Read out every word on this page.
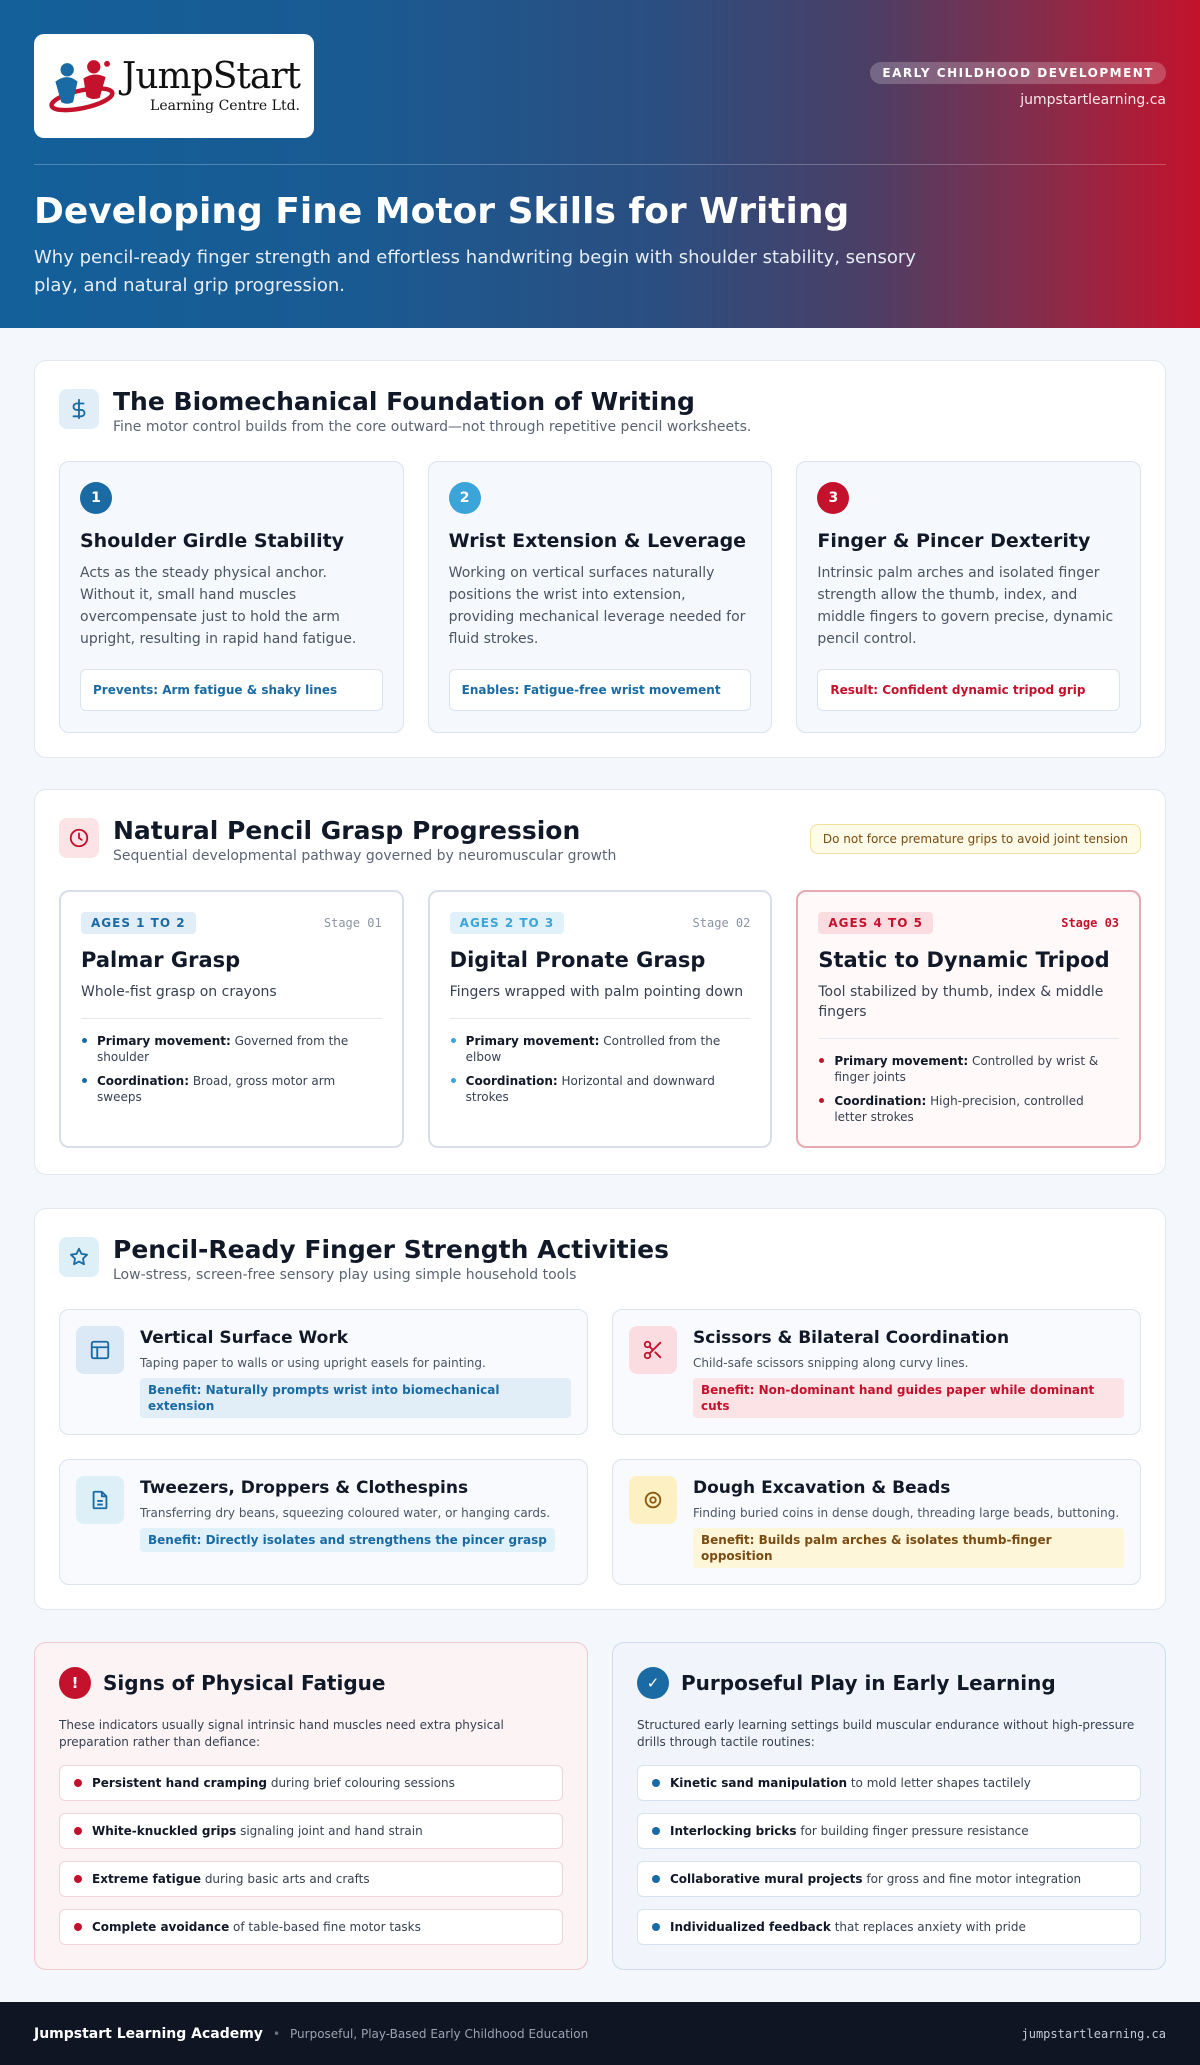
JumpStart
Learning Centre Ltd.
EARLY CHILDHOOD DEVELOPMENT
jumpstartlearning.ca
Developing Fine Motor Skills for Writing

Why pencil-ready finger strength and effortless handwriting begin with shoulder stability, sensory play, and natural grip progression.

The Biomechanical Foundation of Writing
Fine motor control builds from the core outward—not through repetitive pencil worksheets.
1
Shoulder Girdle Stability
Acts as the steady physical anchor. Without it, small hand muscles overcompensate just to hold the arm upright, resulting in rapid hand fatigue.
Prevents: Arm fatigue & shaky lines
2
Wrist Extension & Leverage
Working on vertical surfaces naturally positions the wrist into extension, providing mechanical leverage needed for fluid strokes.
Enables: Fatigue-free wrist movement
3
Finger & Pincer Dexterity
Intrinsic palm arches and isolated finger strength allow the thumb, index, and middle fingers to govern precise, dynamic pencil control.
Result: Confident dynamic tripod grip
Natural Pencil Grasp Progression
Sequential developmental pathway governed by neuromuscular growth
Do not force premature grips to avoid joint tension
AGES 1 TO 2	Stage 01
Palmar Grasp
Whole-fist grasp on crayons
Primary movement: Governed from the shoulder
Coordination: Broad, gross motor arm sweeps
AGES 2 TO 3	Stage 02
Digital Pronate Grasp
Fingers wrapped with palm pointing down
Primary movement: Controlled from the elbow
Coordination: Horizontal and downward strokes
AGES 4 TO 5	Stage 03
Static to Dynamic Tripod
Tool stabilized by thumb, index & middle fingers
Primary movement: Controlled by wrist & finger joints
Coordination: High-precision, controlled letter strokes
Pencil-Ready Finger Strength Activities
Low-stress, screen-free sensory play using simple household tools
Vertical Surface Work
Taping paper to walls or using upright easels for painting.
Benefit: Naturally prompts wrist into biomechanical extension
Scissors & Bilateral Coordination
Child-safe scissors snipping along curvy lines.
Benefit: Non-dominant hand guides paper while dominant cuts
Tweezers, Droppers & Clothespins
Transferring dry beans, squeezing coloured water, or hanging cards.
Benefit: Directly isolates and strengthens the pincer grasp
Dough Excavation & Beads
Finding buried coins in dense dough, threading large beads, buttoning.
Benefit: Builds palm arches & isolates thumb-finger opposition
!	Signs of Physical Fatigue
These indicators usually signal intrinsic hand muscles need extra physical preparation rather than defiance:
Persistent hand cramping during brief colouring sessions
White-knuckled grips signaling joint and hand strain
Extreme fatigue during basic arts and crafts
Complete avoidance of table-based fine motor tasks
✓	Purposeful Play in Early Learning
Structured early learning settings build muscular endurance without high-pressure drills through tactile routines:
Kinetic sand manipulation to mold letter shapes tactilely
Interlocking bricks for building finger pressure resistance
Collaborative mural projects for gross and fine motor integration
Individualized feedback that replaces anxiety with pride
Jumpstart Learning Academy • Purposeful, Play-Based Early Childhood Education	jumpstartlearning.ca
